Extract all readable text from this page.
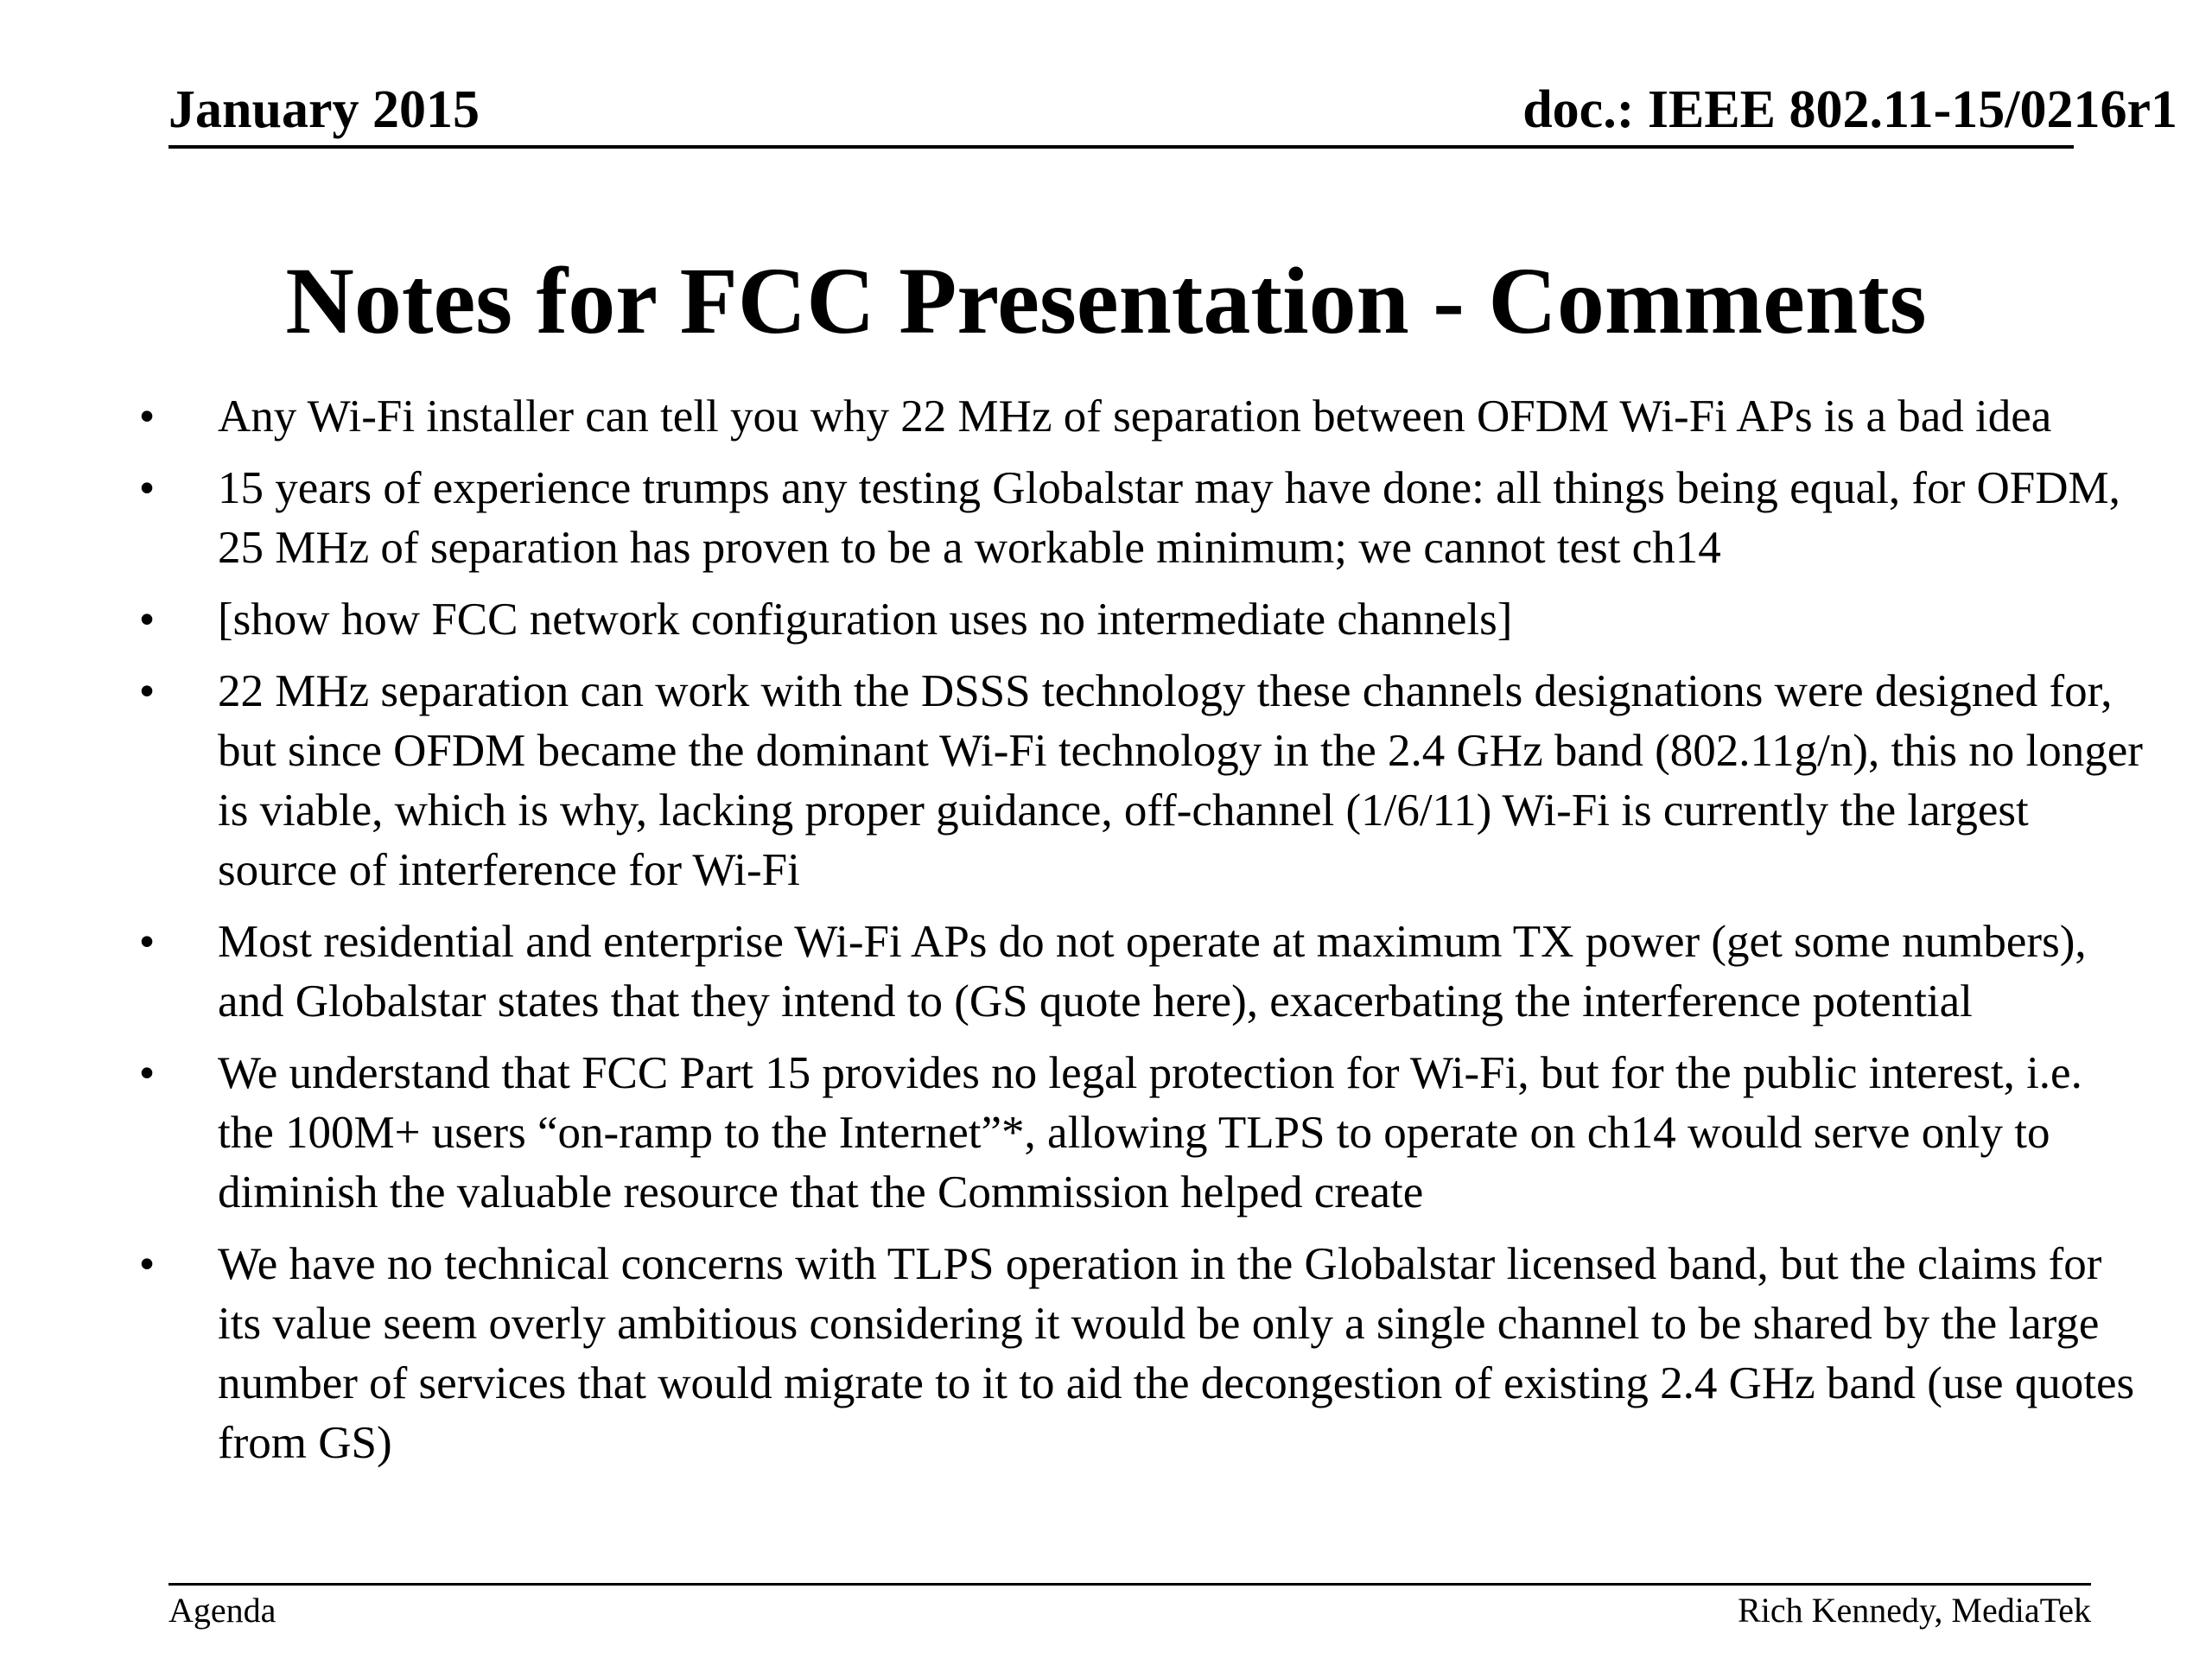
January 2015	doc.: IEEE 802.11-15/0216r1
Notes for FCC Presentation - Comments
• Any Wi-Fi installer can tell you why 22 MHz of separation between OFDM Wi-Fi APs is a bad idea
• 15 years of experience trumps any testing Globalstar may have done: all things being equal, for OFDM, 25 MHz of separation has proven to be a workable minimum; we cannot test ch14
• [show how FCC network configuration uses no intermediate channels]
• 22 MHz separation can work with the DSSS technology these channels designations were designed for, but since OFDM became the dominant Wi-Fi technology in the 2.4 GHz band (802.11g/n), this no longer is viable, which is why, lacking proper guidance, off-channel (1/6/11) Wi-Fi is currently the largest source of interference for Wi-Fi
• Most residential and enterprise Wi-Fi APs do not operate at maximum TX power (get some numbers), and Globalstar states that they intend to (GS quote here), exacerbating the interference potential
• We understand that FCC Part 15 provides no legal protection for Wi-Fi, but for the public interest, i.e. the 100M+ users “on-ramp to the Internet”*, allowing TLPS to operate on ch14 would serve only to diminish the valuable resource that the Commission helped create
• We have no technical concerns with TLPS operation in the Globalstar licensed band, but the claims for its value seem overly ambitious considering it would be only a single channel to be shared by the large number of services that would migrate to it to aid the decongestion of existing 2.4 GHz band (use quotes from GS)
Agenda	Rich Kennedy, MediaTek
